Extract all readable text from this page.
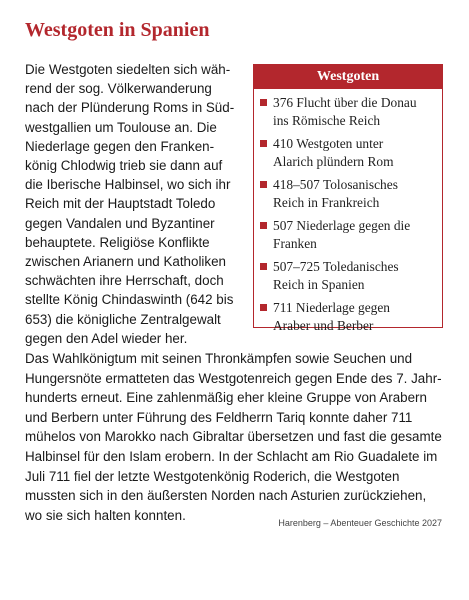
Westgoten in Spanien
Die Westgoten siedelten sich wäh-
rend der sog. Völkerwanderung
nach der Plünderung Roms in Süd-
westgallien um Toulouse an. Die
Niederlage gegen den Franken-
könig Chlodwig trieb sie dann auf
die Iberische Halbinsel, wo sich ihr
Reich mit der Hauptstadt Toledo
gegen Vandalen und Byzantiner
behauptete. Religiöse Konflikte
zwischen Arianern und Katholiken
schwächten ihre Herrschaft, doch
stellte König Chindaswinth (642 bis
653) die königliche Zentralgewalt
gegen den Adel wieder her.
Westgoten
376 Flucht über die Donau
ins Römische Reich
410 Westgoten unter
Alarich plündern Rom
418–507 Tolosanisches
Reich in Frankreich
507 Niederlage gegen die
Franken
507–725 Toledanisches
Reich in Spanien
711 Niederlage gegen
Araber und Berber
Das Wahlkönigtum mit seinen Thronkämpfen sowie Seuchen und
Hungersnöte ermatteten das Westgotenreich gegen Ende des 7. Jahr-
hunderts erneut. Eine zahlenmäßig eher kleine Gruppe von Arabern
und Berbern unter Führung des Feldherrn Tariq konnte daher 711
mühelos von Marokko nach Gibraltar übersetzen und fast die gesamte
Halbinsel für den Islam erobern. In der Schlacht am Rio Guadalete im
Juli 711 fiel der letzte Westgotenkönig Roderich, die Westgoten
mussten sich in den äußersten Norden nach Asturien zurückziehen,
wo sie sich halten konnten.
Harenberg – Abenteuer Geschichte 2027
